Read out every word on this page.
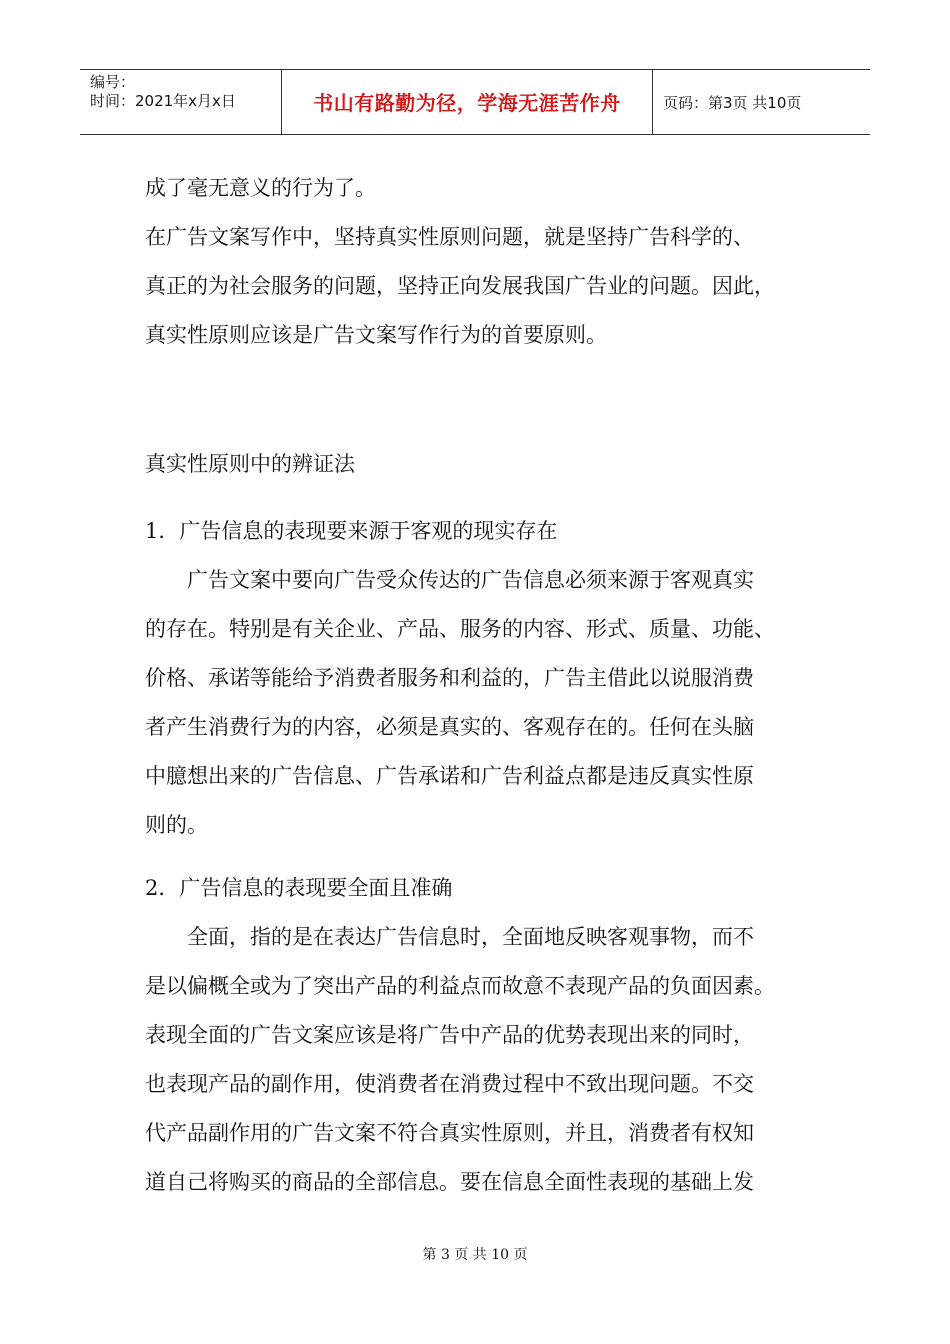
编号：
时间：2021年x月x日	书山有路勤为径，学海无涯苦作舟	页码：第3页 共10页
成了毫无意义的行为了。
在广告文案写作中，坚持真实性原则问题，就是坚持广告科学的、
真正的为社会服务的问题，坚持正向发展我国广告业的问题。因此，
真实性原则应该是广告文案写作行为的首要原则。
真实性原则中的辨证法
1．广告信息的表现要来源于客观的现实存在
广告文案中要向广告受众传达的广告信息必须来源于客观真实
的存在。特别是有关企业、产品、服务的内容、形式、质量、功能、
价格、承诺等能给予消费者服务和利益的，广告主借此以说服消费
者产生消费行为的内容，必须是真实的、客观存在的。任何在头脑
中臆想出来的广告信息、广告承诺和广告利益点都是违反真实性原
则的。
2．广告信息的表现要全面且准确
全面，指的是在表达广告信息时，全面地反映客观事物，而不
是以偏概全或为了突出产品的利益点而故意不表现产品的负面因素。
表现全面的广告文案应该是将广告中产品的优势表现出来的同时，
也表现产品的副作用，使消费者在消费过程中不致出现问题。不交
代产品副作用的广告文案不符合真实性原则，并且，消费者有权知
道自己将购买的商品的全部信息。要在信息全面性表现的基础上发
第 3 页 共 10 页
